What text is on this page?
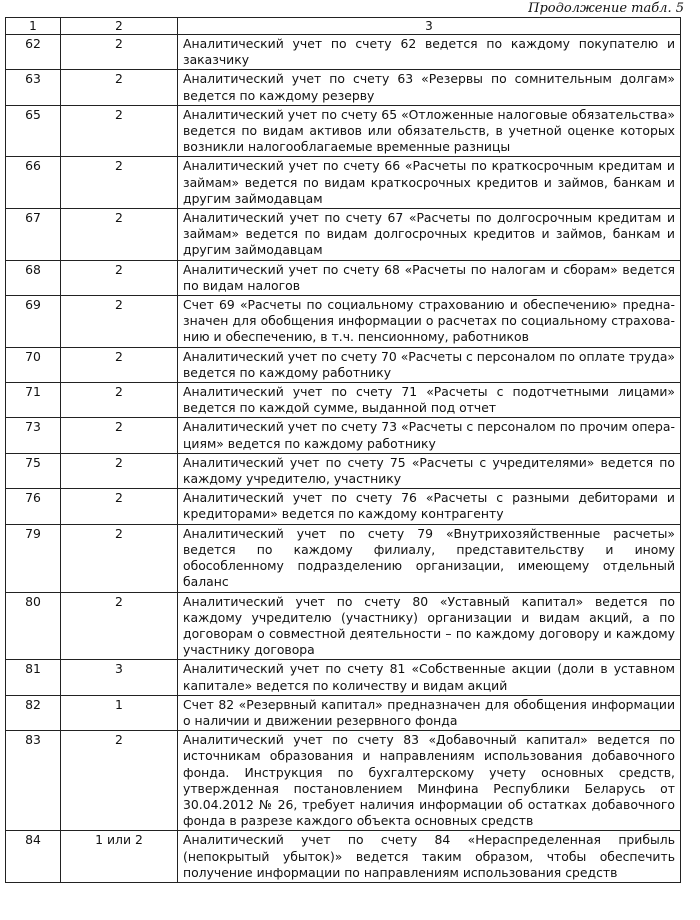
Продолжение табл. 5
1	2	3
62	2	Аналитический учет по счету 62 ведется по каждому покупателю и заказчику
63	2	Аналитический учет по счету 63 «Резервы по сомнительным долгам» ведется по каждому резерву
65	2	Аналитический учет по счету 65 «Отложенные налоговые обязательства» ведется по видам активов или обязательств, в учетной оценке которых возникли налогооблагаемые временные разницы
66	2	Аналитический учет по счету 66 «Расчеты по краткосрочным кредитам и займам» ведется по видам краткосрочных кредитов и займов, банкам и другим займодавцам
67	2	Аналитический учет по счету 67 «Расчеты по долгосрочным кредитам и займам» ведется по видам долгосрочных кредитов и займов, банкам и другим займодавцам
68	2	Аналитический учет по счету 68 «Расчеты по налогам и сборам» ведется по видам налогов
69	2	Счет 69 «Расчеты по социальному страхованию и обеспечению» предназначен для обобщения информации о расчетах по социальному страхованию и обеспечению, в т.ч. пенсионному, работников
70	2	Аналитический учет по счету 70 «Расчеты с персоналом по оплате труда» ведется по каждому работнику
71	2	Аналитический учет по счету 71 «Расчеты с подотчетными лицами» ведется по каждой сумме, выданной под отчет
73	2	Аналитический учет по счету 73 «Расчеты с персоналом по прочим операциям» ведется по каждому работнику
75	2	Аналитический учет по счету 75 «Расчеты с учредителями» ведется по каждому учредителю, участнику
76	2	Аналитический учет по счету 76 «Расчеты с разными дебиторами и кредиторами» ведется по каждому контрагенту
79	2	Аналитический учет по счету 79 «Внутрихозяйственные расчеты» ведется по каждому филиалу, представительству и иному обособленному подразделению организации, имеющему отдельный баланс
80	2	Аналитический учет по счету 80 «Уставный капитал» ведется по каждому учредителю (участнику) организации и видам акций, а по договорам о совместной деятельности – по каждому договору и каждому участнику договора
81	3	Аналитический учет по счету 81 «Собственные акции (доли в уставном капитале» ведется по количеству и видам акций
82	1	Счет 82 «Резервный капитал» предназначен для обобщения информации о наличии и движении резервного фонда
83	2	Аналитический учет по счету 83 «Добавочный капитал» ведется по источникам образования и направлениям использования добавочного фонда. Инструкция по бухгалтерскому учету основных средств, утвержденная постановлением Минфина Республики Беларусь от 30.04.2012 № 26, требует наличия информации об остатках добавочного фонда в разрезе каждого объекта основных средств
84	1 или 2	Аналитический учет по счету 84 «Нераспределенная прибыль (непокрытый убыток)» ведется таким образом, чтобы обеспечить получение информации по направлениям использования средств
